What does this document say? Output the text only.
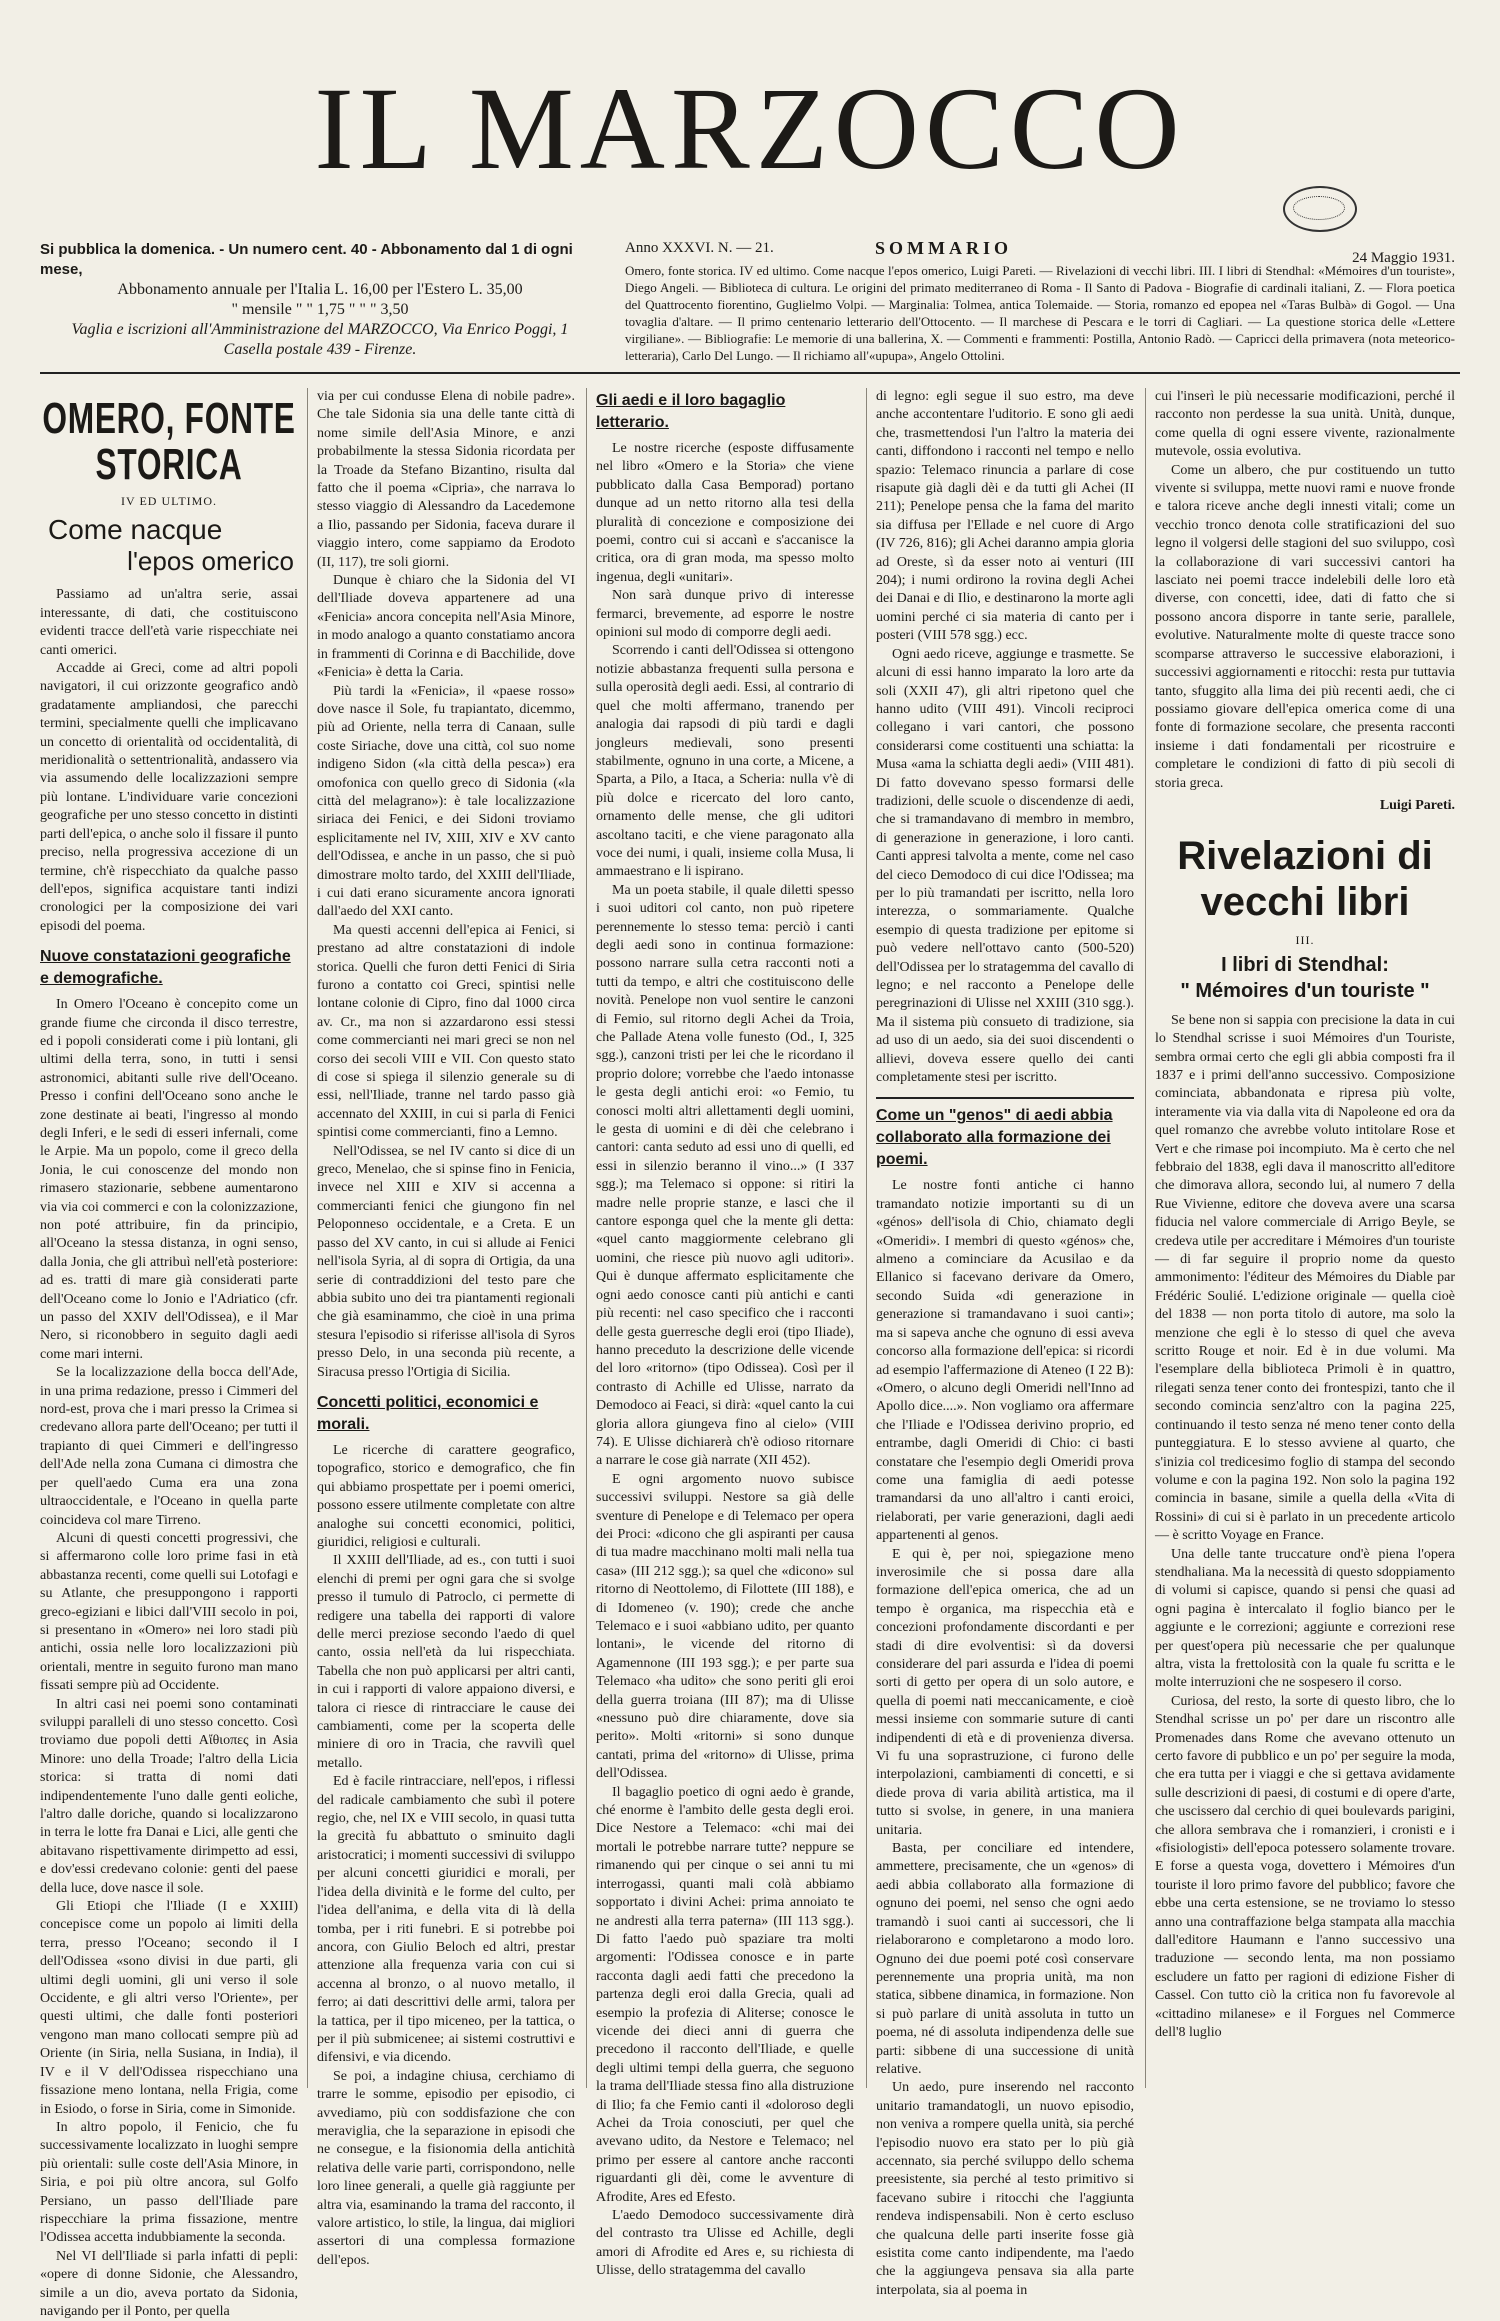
IL MARZOCCO
Si pubblica la domenica. - Un numero cent. 40 - Abbonamento dal 1 di ogni mese,
Abbonamento annuale per l'Italia L. 16,00 per l'Estero L. 35,00
" mensile " " 1,75 " " " 3,50
Vaglia e iscrizioni all'Amministrazione del MARZOCCO, Via Enrico Poggi, 1
Casella postale 439 - Firenze.
Anno XXXVI. N. — 21.	SOMMARIO	24 Maggio 1931.
Omero, fonte storica. IV ed ultimo. Come nacque l'epos omerico, Luigi Pareti. — Rivelazioni di vecchi libri. III. I libri di Stendhal: «Mémoires d'un touriste», Diego Angeli. — Biblioteca di cultura. Le origini del primato mediterraneo di Roma - Il Santo di Padova - Biografie di cardinali italiani, Z. — Flora poetica del Quattrocento fiorentino, Guglielmo Volpi. — Marginalia: Tolmea, antica Tolemaide. — Storia, romanzo ed epopea nel «Taras Bulbà» di Gogol. — Una tovaglia d'altare. — Il primo centenario letterario dell'Ottocento. — Il marchese di Pescara e le torri di Cagliari. — La questione storica delle «Lettere virgiliane». — Bibliografie: Le memorie di una ballerina, X. — Commenti e frammenti: Postilla, Antonio Radò. — Capricci della primavera (nota meteorico-letteraria), Carlo Del Lungo. — Il richiamo all'«upupa», Angelo Ottolini.
OMERO, FONTE STORICA
IV ED ULTIMO.
Come nacque
l'epos omerico

Passiamo ad un'altra serie, assai interessante, di dati, che costituiscono evidenti tracce dell'età varie rispecchiate nei canti omerici.

Accadde ai Greci, come ad altri popoli navigatori, il cui orizzonte geografico andò gradatamente ampliandosi, che parecchi termini, specialmente quelli che implicavano un concetto di orientalità od occidentalità, di meridionalità o settentrionalità, andassero via via assumendo delle localizzazioni sempre più lontane. L'individuare varie concezioni geografiche per uno stesso concetto in distinti parti dell'epica, o anche solo il fissare il punto preciso, nella progressiva accezione di un termine, ch'è rispecchiato da qualche passo dell'epos, significa acquistare tanti indizi cronologici per la composizione dei vari episodi del poema.

Nuove constatazioni geografiche e demografiche.

In Omero l'Oceano è concepito come un grande fiume che circonda il disco terrestre, ed i popoli considerati come i più lontani, gli ultimi della terra, sono, in tutti i sensi astronomici, abitanti sulle rive dell'Oceano. Presso i confini dell'Oceano sono anche le zone destinate ai beati, l'ingresso al mondo degli Inferi, e le sedi di esseri infernali, come le Arpie. Ma un popolo, come il greco della Jonia, le cui conoscenze del mondo non rimasero stazionarie, sebbene aumentarono via via coi commerci e con la colonizzazione, non poté attribuire, fin da principio, all'Oceano la stessa distanza, in ogni senso, dalla Jonia, che gli attribuì nell'età posteriore: ad es. tratti di mare già considerati parte dell'Oceano come lo Jonio e l'Adriatico (cfr. un passo del XXIV dell'Odissea), e il Mar Nero, si riconobbero in seguito dagli aedi come mari interni.

Se la localizzazione della bocca dell'Ade, in una prima redazione, presso i Cimmeri del nord-est, prova che i mari presso la Crimea si credevano allora parte dell'Oceano; per tutti il trapianto di quei Cimmeri e dell'ingresso dell'Ade nella zona Cumana ci dimostra che per quell'aedo Cuma era una zona ultraoccidentale, e l'Oceano in quella parte coincideva col mare Tirreno.

Alcuni di questi concetti progressivi, che si affermarono colle loro prime fasi in età abbastanza recenti, come quelli sui Lotofagi e su Atlante, che presuppongono i rapporti greco-egiziani e libici dall'VIII secolo in poi, si presentano in «Omero» nei loro stadi più antichi, ossia nelle loro localizzazioni più orientali, mentre in seguito furono man mano fissati sempre più ad Occidente.

In altri casi nei poemi sono contaminati sviluppi paralleli di uno stesso concetto. Così troviamo due popoli detti Αἴθιοπες in Asia Minore: uno della Troade; l'altro della Licia storica: si tratta di nomi dati indipendentemente l'uno dalle genti eoliche, l'altro dalle doriche, quando si localizzarono in terra le lotte fra Danai e Lici, alle genti che abitavano rispettivamente dirimpetto ad essi, e dov'essi credevano colonie: genti del paese della luce, dove nasce il sole.

Gli Etiopi che l'Iliade (I e XXIII) concepisce come un popolo ai limiti della terra, presso l'Oceano; secondo il I dell'Odissea «sono divisi in due parti, gli ultimi degli uomini, gli uni verso il sole Occidente, e gli altri verso l'Oriente», per questi ultimi, che dalle fonti posteriori vengono man mano collocati sempre più ad Oriente (in Siria, nella Susiana, in India), il IV e il V dell'Odissea rispecchiano una fissazione meno lontana, nella Frigia, come in Esiodo, o forse in Siria, come in Simonide.

In altro popolo, il Fenicio, che fu successivamente localizzato in luoghi sempre più orientali: sulle coste dell'Asia Minore, in Siria, e poi più oltre ancora, sul Golfo Persiano, un passo dell'Iliade pare rispecchiare la prima fissazione, mentre l'Odissea accetta indubbiamente la seconda.

Nel VI dell'Iliade si parla infatti di pepli: «opere di donne Sidonie, che Alessandro, simile a un dio, aveva portato da Sidonia, navigando per il Ponto, per quella

via per cui condusse Elena di nobile padre». Che tale Sidonia sia una delle tante città di nome simile dell'Asia Minore, e anzi probabilmente la stessa Sidonia ricordata per la Troade da Stefano Bizantino, risulta dal fatto che il poema «Cipria», che narrava lo stesso viaggio di Alessandro da Lacedemone a Ilio, passando per Sidonia, faceva durare il viaggio intero, come sappiamo da Erodoto (II, 117), tre soli giorni.

Dunque è chiaro che la Sidonia del VI dell'Iliade doveva appartenere ad una «Fenicia» ancora concepita nell'Asia Minore, in modo analogo a quanto constatiamo ancora in frammenti di Corinna e di Bacchilide, dove «Fenicia» è detta la Caria.

Più tardi la «Fenicia», il «paese rosso» dove nasce il Sole, fu trapiantato, dicemmo, più ad Oriente, nella terra di Canaan, sulle coste Siriache, dove una città, col suo nome indigeno Sidon («la città della pesca») era omofonica con quello greco di Sidonia («la città del melagrano»): è tale localizzazione siriaca dei Fenici, e dei Sidoni troviamo esplicitamente nel IV, XIII, XIV e XV canto dell'Odissea, e anche in un passo, che si può dimostrare molto tardo, del XXIII dell'Iliade, i cui dati erano sicuramente ancora ignorati dall'aedo del XXI canto.

Ma questi accenni dell'epica ai Fenici, si prestano ad altre constatazioni di indole storica. Quelli che furon detti Fenici di Siria furono a contatto coi Greci, spintisi nelle lontane colonie di Cipro, fino dal 1000 circa av. Cr., ma non si azzardarono essi stessi come commercianti nei mari greci se non nel corso dei secoli VIII e VII. Con questo stato di cose si spiega il silenzio generale su di essi, nell'Iliade, tranne nel tardo passo già accennato del XXIII, in cui si parla di Fenici spintisi come commercianti, fino a Lemno.

Nell'Odissea, se nel IV canto si dice di un greco, Menelao, che si spinse fino in Fenicia, invece nel XIII e XIV si accenna a commercianti fenici che giungono fin nel Peloponneso occidentale, e a Creta. E un passo del XV canto, in cui si allude ai Fenici nell'isola Syria, al di sopra di Ortigia, da una serie di contraddizioni del testo pare che abbia subito uno dei tra piantamenti regionali che già esaminammo, che cioè in una prima stesura l'episodio si riferisse all'isola di Syros presso Delo, in una seconda più recente, a Siracusa presso l'Ortigia di Sicilia.

Concetti politici, economici e morali.

Le ricerche di carattere geografico, topografico, storico e demografico, che fin qui abbiamo prospettate per i poemi omerici, possono essere utilmente completate con altre analoghe sui concetti economici, politici, giuridici, religiosi e culturali.

Il XXIII dell'Iliade, ad es., con tutti i suoi elenchi di premi per ogni gara che si svolge presso il tumulo di Patroclo, ci permette di redigere una tabella dei rapporti di valore delle merci preziose secondo l'aedo di quel canto, ossia nell'età da lui rispecchiata. Tabella che non può applicarsi per altri canti, in cui i rapporti di valore appaiono diversi, e talora ci riesce di rintracciare le cause dei cambiamenti, come per la scoperta delle miniere di oro in Tracia, che ravvilì quel metallo.

Ed è facile rintracciare, nell'epos, i riflessi del radicale cambiamento che subì il potere regio, che, nel IX e VIII secolo, in quasi tutta la grecità fu abbattuto o sminuito dagli aristocratici; i momenti successivi di sviluppo per alcuni concetti giuridici e morali, per l'idea della divinità e le forme del culto, per l'idea dell'anima, e della vita di là della tomba, per i riti funebri. E si potrebbe poi ancora, con Giulio Beloch ed altri, prestar attenzione alla frequenza varia con cui si accenna al bronzo, o al nuovo metallo, il ferro; ai dati descrittivi delle armi, talora per la tattica, per il tipo miceneo, per la tattica, o per il più submicenee; ai sistemi costruttivi e difensivi, e via dicendo.

Se poi, a indagine chiusa, cerchiamo di trarre le somme, episodio per episodio, ci avvediamo, più con soddisfazione che con meraviglia, che la separazione in episodi che ne consegue, e la fisionomia della antichità relativa delle varie parti, corrispondono, nelle loro linee generali, a quelle già raggiunte per altra via, esaminando la trama del racconto, il valore artistico, lo stile, la lingua, dai migliori assertori di una complessa formazione dell'epos.

Gli aedi e il loro bagaglio letterario.

Le nostre ricerche (esposte diffusamente nel libro «Omero e la Storia» che viene pubblicato dalla Casa Bemporad) portano dunque ad un netto ritorno alla tesi della pluralità di concezione e composizione dei poemi, contro cui si accanì e s'accanisce la critica, ora di gran moda, ma spesso molto ingenua, degli «unitari».

Non sarà dunque privo di interesse fermarci, brevemente, ad esporre le nostre opinioni sul modo di comporre degli aedi.

Scorrendo i canti dell'Odissea si ottengono notizie abbastanza frequenti sulla persona e sulla operosità degli aedi. Essi, al contrario di quel che molti affermano, tranendo per analogia dai rapsodi di più tardi e dagli jongleurs medievali, sono presenti stabilmente, ognuno in una corte, a Micene, a Sparta, a Pilo, a Itaca, a Scheria: nulla v'è di più dolce e ricercato del loro canto, ornamento delle mense, che gli uditori ascoltano taciti, e che viene paragonato alla voce dei numi, i quali, insieme colla Musa, li ammaestrano e li ispirano.

Ma un poeta stabile, il quale diletti spesso i suoi uditori col canto, non può ripetere perennemente lo stesso tema: perciò i canti degli aedi sono in continua formazione: possono narrare sulla cetra racconti noti a tutti da tempo, e altri che costituiscono delle novità. Penelope non vuol sentire le canzoni di Femio, sul ritorno degli Achei da Troia, che Pallade Atena volle funesto (Od., I, 325 sgg.), canzoni tristi per lei che le ricordano il proprio dolore; vorrebbe che l'aedo intonasse le gesta degli antichi eroi: «o Femio, tu conosci molti altri allettamenti degli uomini, le gesta di uomini e di dèi che celebrano i cantori: canta seduto ad essi uno di quelli, ed essi in silenzio beranno il vino...» (I 337 sgg.); ma Telemaco si oppone: si ritiri la madre nelle proprie stanze, e lasci che il cantore esponga quel che la mente gli detta: «quel canto maggiormente celebrano gli uomini, che riesce più nuovo agli uditori». Qui è dunque affermato esplicitamente che ogni aedo conosce canti più antichi e canti più recenti: nel caso specifico che i racconti delle gesta guerresche degli eroi (tipo Iliade), hanno preceduto la descrizione delle vicende del loro «ritorno» (tipo Odissea). Così per il contrasto di Achille ed Ulisse, narrato da Demodoco ai Feaci, si dirà: «quel canto la cui gloria allora giungeva fino al cielo» (VIII 74). E Ulisse dichiarerà ch'è odioso ritornare a narrare le cose già narrate (XII 452).

E ogni argomento nuovo subisce successivi sviluppi. Nestore sa già delle sventure di Penelope e di Telemaco per opera dei Proci: «dicono che gli aspiranti per causa di tua madre macchinano molti mali nella tua casa» (III 212 sgg.); sa quel che «dicono» sul ritorno di Neottolemo, di Filottete (III 188), e di Idomeneo (v. 190); crede che anche Telemaco e i suoi «abbiano udito, per quanto lontani», le vicende del ritorno di Agamennone (III 193 sgg.); e per parte sua Telemaco «ha udito» che sono periti gli eroi della guerra troiana (III 87); ma di Ulisse «nessuno può dire chiaramente, dove sia perito». Molti «ritorni» si sono dunque cantati, prima del «ritorno» di Ulisse, prima dell'Odissea.

Il bagaglio poetico di ogni aedo è grande, ché enorme è l'ambito delle gesta degli eroi. Dice Nestore a Telemaco: «chi mai dei mortali le potrebbe narrare tutte? neppure se rimanendo qui per cinque o sei anni tu mi interrogassi, quanti mali colà abbiamo sopportato i divini Achei: prima annoiato te ne andresti alla terra paterna» (III 113 sgg.). Di fatto l'aedo può spaziare tra molti argomenti: l'Odissea conosce e in parte racconta dagli aedi fatti che precedono la partenza degli eroi dalla Grecia, quali ad esempio la profezia di Aliterse; conosce le vicende dei dieci anni di guerra che precedono il racconto dell'Iliade, e quelle degli ultimi tempi della guerra, che seguono la trama dell'Iliade stessa fino alla distruzione di Ilio; fa che Femio canti il «doloroso degli Achei da Troia conosciuti, per quel che avevano udito, da Nestore e Telemaco; nel primo per essere al cantore anche racconti riguardanti gli dèi, come le avventure di Afrodite, Ares ed Efesto.

L'aedo Demodoco successivamente dirà del contrasto tra Ulisse ed Achille, degli amori di Afrodite ed Ares e, su richiesta di Ulisse, dello stratagemma del cavallo

di legno: egli segue il suo estro, ma deve anche accontentare l'uditorio. E sono gli aedi che, trasmettendosi l'un l'altro la materia dei canti, diffondono i racconti nel tempo e nello spazio: Telemaco rinuncia a parlare di cose risapute già dagli dèi e da tutti gli Achei (II 211); Penelope pensa che la fama del marito sia diffusa per l'Ellade e nel cuore di Argo (IV 726, 816); gli Achei daranno ampia gloria ad Oreste, sì da esser noto ai venturi (III 204); i numi ordirono la rovina degli Achei dei Danai e di Ilio, e destinarono la morte agli uomini perché ci sia materia di canto per i posteri (VIII 578 sgg.) ecc.

Ogni aedo riceve, aggiunge e trasmette. Se alcuni di essi hanno imparato la loro arte da soli (XXII 47), gli altri ripetono quel che hanno udito (VIII 491). Vincoli reciproci collegano i vari cantori, che possono considerarsi come costituenti una schiatta: la Musa «ama la schiatta degli aedi» (VIII 481). Di fatto dovevano spesso formarsi delle tradizioni, delle scuole o discendenze di aedi, che si tramandavano di membro in membro, di generazione in generazione, i loro canti. Canti appresi talvolta a mente, come nel caso del cieco Demodoco di cui dice l'Odissea; ma per lo più tramandati per iscritto, nella loro interezza, o sommariamente. Qualche esempio di questa tradizione per epitome si può vedere nell'ottavo canto (500-520) dell'Odissea per lo stratagemma del cavallo di legno; e nel racconto a Penelope delle peregrinazioni di Ulisse nel XXIII (310 sgg.). Ma il sistema più consueto di tradizione, sia ad uso di un aedo, sia dei suoi discendenti o allievi, doveva essere quello dei canti completamente stesi per iscritto.

Come un "genos" di aedi abbia collaborato alla formazione dei poemi.

Le nostre fonti antiche ci hanno tramandato notizie importanti su di un «génos» dell'isola di Chio, chiamato degli «Omeridi». I membri di questo «génos» che, almeno a cominciare da Acusilao e da Ellanico si facevano derivare da Omero, secondo Suida «di generazione in generazione si tramandavano i suoi canti»; ma si sapeva anche che ognuno di essi aveva concorso alla formazione dell'epica: si ricordi ad esempio l'affermazione di Ateneo (I 22 B): «Omero, o alcuno degli Omeridi nell'Inno ad Apollo dice....». Non vogliamo ora affermare che l'Iliade e l'Odissea derivino proprio, ed entrambe, dagli Omeridi di Chio: ci basti constatare che l'esempio degli Omeridi prova come una famiglia di aedi potesse tramandarsi da uno all'altro i canti eroici, rielaborati, per varie generazioni, dagli aedi appartenenti al genos.

E qui è, per noi, spiegazione meno inverosimile che si possa dare alla formazione dell'epica omerica, che ad un tempo è organica, ma rispecchia età e concezioni profondamente discordanti e per stadi di dire evolventisi: sì da doversi considerare del pari assurda e l'idea di poemi sorti di getto per opera di un solo autore, e quella di poemi nati meccanicamente, e cioè messi insieme con sommarie suture di canti indipendenti di età e di provenienza diversa. Vi fu una soprastruzione, ci furono delle interpolazioni, cambiamenti di concetti, e si diede prova di varia abilità artistica, ma il tutto si svolse, in genere, in una maniera unitaria.

Basta, per conciliare ed intendere, ammettere, precisamente, che un «genos» di aedi abbia collaborato alla formazione di ognuno dei poemi, nel senso che ogni aedo tramandò i suoi canti ai successori, che li rielaborarono e completarono a modo loro. Ognuno dei due poemi poté così conservare perennemente una propria unità, ma non statica, sibbene dinamica, in formazione. Non si può parlare di unità assoluta in tutto un poema, né di assoluta indipendenza delle sue parti: sibbene di una successione di unità relative.

Un aedo, pure inserendo nel racconto unitario tramandatogli, un nuovo episodio, non veniva a rompere quella unità, sia perché l'episodio nuovo era stato per lo più già accennato, sia perché sviluppo dello schema preesistente, sia perché al testo primitivo si facevano subire i ritocchi che l'aggiunta rendeva indispensabili. Non è certo escluso che qualcuna delle parti inserite fosse già esistita come canto indipendente, ma l'aedo che la aggiungeva pensava sia alla parte interpolata, sia al poema in

cui l'inserì le più necessarie modificazioni, perché il racconto non perdesse la sua unità. Unità, dunque, come quella di ogni essere vivente, razionalmente mutevole, ossia evolutiva.

Come un albero, che pur costituendo un tutto vivente si sviluppa, mette nuovi rami e nuove fronde e talora riceve anche degli innesti vitali; come un vecchio tronco denota colle stratificazioni del suo legno il volgersi delle stagioni del suo sviluppo, così la collaborazione di vari successivi cantori ha lasciato nei poemi tracce indelebili delle loro età diverse, con concetti, idee, dati di fatto che si possono ancora disporre in tante serie, parallele, evolutive. Naturalmente molte di queste tracce sono scomparse attraverso le successive elaborazioni, i successivi aggiornamenti e ritocchi: resta pur tuttavia tanto, sfuggito alla lima dei più recenti aedi, che ci possiamo giovare dell'epica omerica come di una fonte di formazione secolare, che presenta racconti insieme i dati fondamentali per ricostruire e completare le condizioni di fatto di più secoli di storia greca.

Luigi Pareti.
Rivelazioni di vecchi libri
III.
I libri di Stendhal:
" Mémoires d'un touriste "

Se bene non si sappia con precisione la data in cui lo Stendhal scrisse i suoi Mémoires d'un Touriste, sembra ormai certo che egli gli abbia composti fra il 1837 e i primi dell'anno successivo. Composizione cominciata, abbandonata e ripresa più volte, interamente via via dalla vita di Napoleone ed ora da quel romanzo che avrebbe voluto intitolare Rose et Vert e che rimase poi incompiuto. Ma è certo che nel febbraio del 1838, egli dava il manoscritto all'editore che dimorava allora, secondo lui, al numero 7 della Rue Vivienne, editore che doveva avere una scarsa fiducia nel valore commerciale di Arrigo Beyle, se credeva utile per accreditare i Mémoires d'un touriste — di far seguire il proprio nome da questo ammonimento: l'éditeur des Mémoires du Diable par Frédéric Soulié. L'edizione originale — quella cioè del 1838 — non porta titolo di autore, ma solo la menzione che egli è lo stesso di quel che aveva scritto Rouge et noir. Ed è in due volumi. Ma l'esemplare della biblioteca Primoli è in quattro, rilegati senza tener conto dei frontespizi, tanto che il secondo comincia senz'altro con la pagina 225, continuando il testo senza né meno tener conto della punteggiatura. E lo stesso avviene al quarto, che s'inizia col tredicesimo foglio di stampa del secondo volume e con la pagina 192. Non solo la pagina 192 comincia in basane, simile a quella della «Vita di Rossini» di cui si è parlato in un precedente articolo — è scritto Voyage en France.

Una delle tante truccature ond'è piena l'opera stendhaliana. Ma la necessità di questo sdoppiamento di volumi si capisce, quando si pensi che quasi ad ogni pagina è intercalato il foglio bianco per le aggiunte e le correzioni; aggiunte e correzioni rese per quest'opera più necessarie che per qualunque altra, vista la frettolosità con la quale fu scritta e le molte interruzioni che ne sospesero il corso.

Curiosa, del resto, la sorte di questo libro, che lo Stendhal scrisse un po' per dare un riscontro alle Promenades dans Rome che avevano ottenuto un certo favore di pubblico e un po' per seguire la moda, che era tutta per i viaggi e che si gettava avidamente sulle descrizioni di paesi, di costumi e di opere d'arte, che uscissero dal cerchio di quei boulevards parigini, che allora sembrava che i romanzieri, i cronisti e i «fisiologisti» dell'epoca potessero solamente trovare. E forse a questa voga, dovettero i Mémoires d'un touriste il loro primo favore del pubblico; favore che ebbe una certa estensione, se ne troviamo lo stesso anno una contraffazione belga stampata alla macchia dall'editore Haumann e l'anno successivo una traduzione — secondo lenta, ma non possiamo escludere un fatto per ragioni di edizione Fisher di Cassel. Con tutto ciò la critica non fu favorevole al «cittadino milanese» e il Forgues nel Commerce dell'8 luglio
